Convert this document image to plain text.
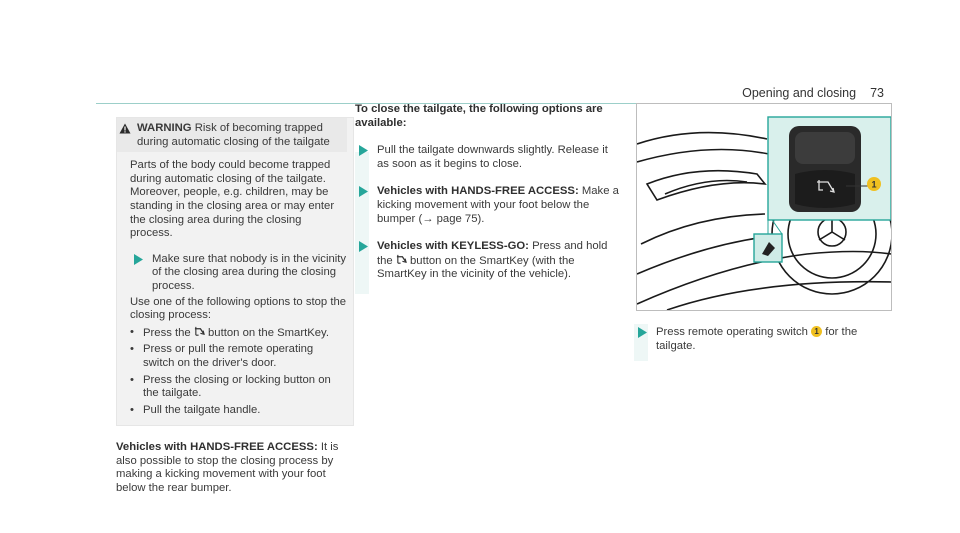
Opening and closing 73
WARNING Risk of becoming trapped during automatic closing of the tailgate

Parts of the body could become trapped during automatic closing of the tailgate. Moreover, people, e.g. children, may be standing in the closing area or may enter the closing area during the closing process.

Make sure that nobody is in the vicinity of the closing area during the closing process.

Use one of the following options to stop the closing process:

• Press the button on the SmartKey.
• Press or pull the remote operating switch on the driver's door.
• Press the closing or locking button on the tailgate.
• Pull the tailgate handle.

Vehicles with HANDS-FREE ACCESS: It is also possible to stop the closing process by making a kicking movement with your foot below the rear bumper.

To close the tailgate, the following options are available:

Pull the tailgate downwards slightly. Release it as soon as it begins to close.
Vehicles with HANDS-FREE ACCESS: Make a kicking movement with your foot below the bumper (→ page 75).
Vehicles with KEYLESS-GO: Press and hold the button on the SmartKey (with the SmartKey in the vicinity of the vehicle).
1
Press remote operating switch 1 for the tailgate.
